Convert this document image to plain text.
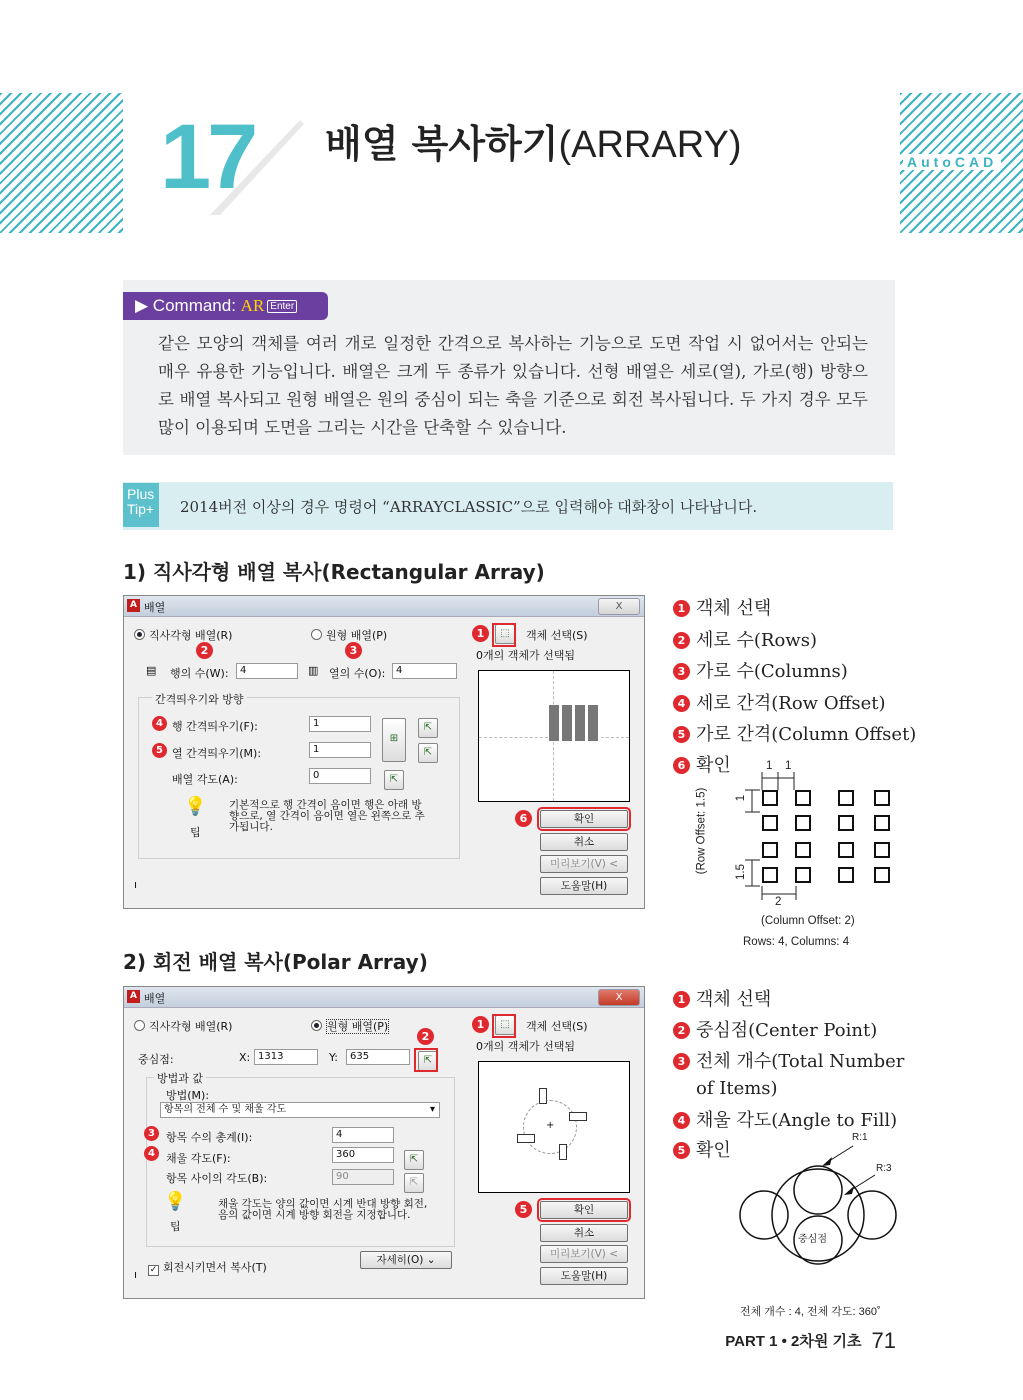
17 배열 복사하기(ARRARY)	AutoCAD
▶ Command: AR Enter
같은 모양의 객체를 여러 개로 일정한 간격으로 복사하는 기능으로 도면 작업 시 없어서는 안되는 매우 유용한 기능입니다. 배열은 크게 두 종류가 있습니다. 선형 배열은 세로(열), 가로(행) 방향으로 배열 복사되고 원형 배열은 원의 중심이 되는 축을 기준으로 회전 복사됩니다. 두 가지 경우 모두 많이 이용되며 도면을 그리는 시간을 단축할 수 있습니다.
Plus
Tip+	2014버전 이상의 경우 명령어 “ARRAYCLASSIC”으로 입력해야 대화창이 나타납니다.
1) 직사각형 배열 복사(Rectangular Array)
A 배열	X
직사각형 배열(R)	원형 배열(P)	⬚	객체 선택(S)
0개의 객체가 선택됨
▤ 행의 수(W):	4	▥ 열의 수(O):	4
간격띄우기와 방향
행 간격띄우기(F):	1
열 간격띄우기(M):	1
⊞
⇱
⇱
배열 각도(A):	0	⇱
💡
팁
기본적으로 행 간격이 음이면 행은 아래 방향으로, 열 간격이 음이면 열은 왼쪽으로 추가됩니다.
ı
확인
취소
미리보기(V) <
도움말(H)
1
2	3
4
5
6
1 객체 선택
2 세로 수(Rows)
3 가로 수(Columns)
4 세로 간격(Row Offset)
5 가로 간격(Column Offset)
6 확인	1 1
1
1.5
2
(Row Offset: 1.5)
(Column Offset: 2)
Rows: 4, Columns: 4
2) 회전 배열 복사(Polar Array)
A 배열	X
직사각형 배열(R)	원형 배열(P)	⬚	객체 선택(S)
0개의 객체가 선택됨
중심점:	X: 1313	Y:	635	⇱
방법과 값
방법(M):
항목의 전체 수 및 채울 각도	▾
항목 수의 총계(I):	4
채울 각도(F):	360	⇱
항목 사이의 각도(B):	90
⇱
💡
팁
채울 각도는 양의 값이면 시계 반대 방향 회전, 음의 값이면 시계 방향 회전을 지정합니다.
✓ 회전시키면서 복사(T)
자세히(O) ⌄
ı
+
확인
취소
미리보기(V) <
도움말(H)
1
2
3
4
5
1 객체 선택
2 중심점(Center Point)
3 전체 개수(Total Number
of Items)
4 채울 각도(Angle to Fill)
5 확인
R:1
R:3
중심점
전체 개수 : 4, 전체 각도: 360˚
PART 1 • 2차원 기초 71
